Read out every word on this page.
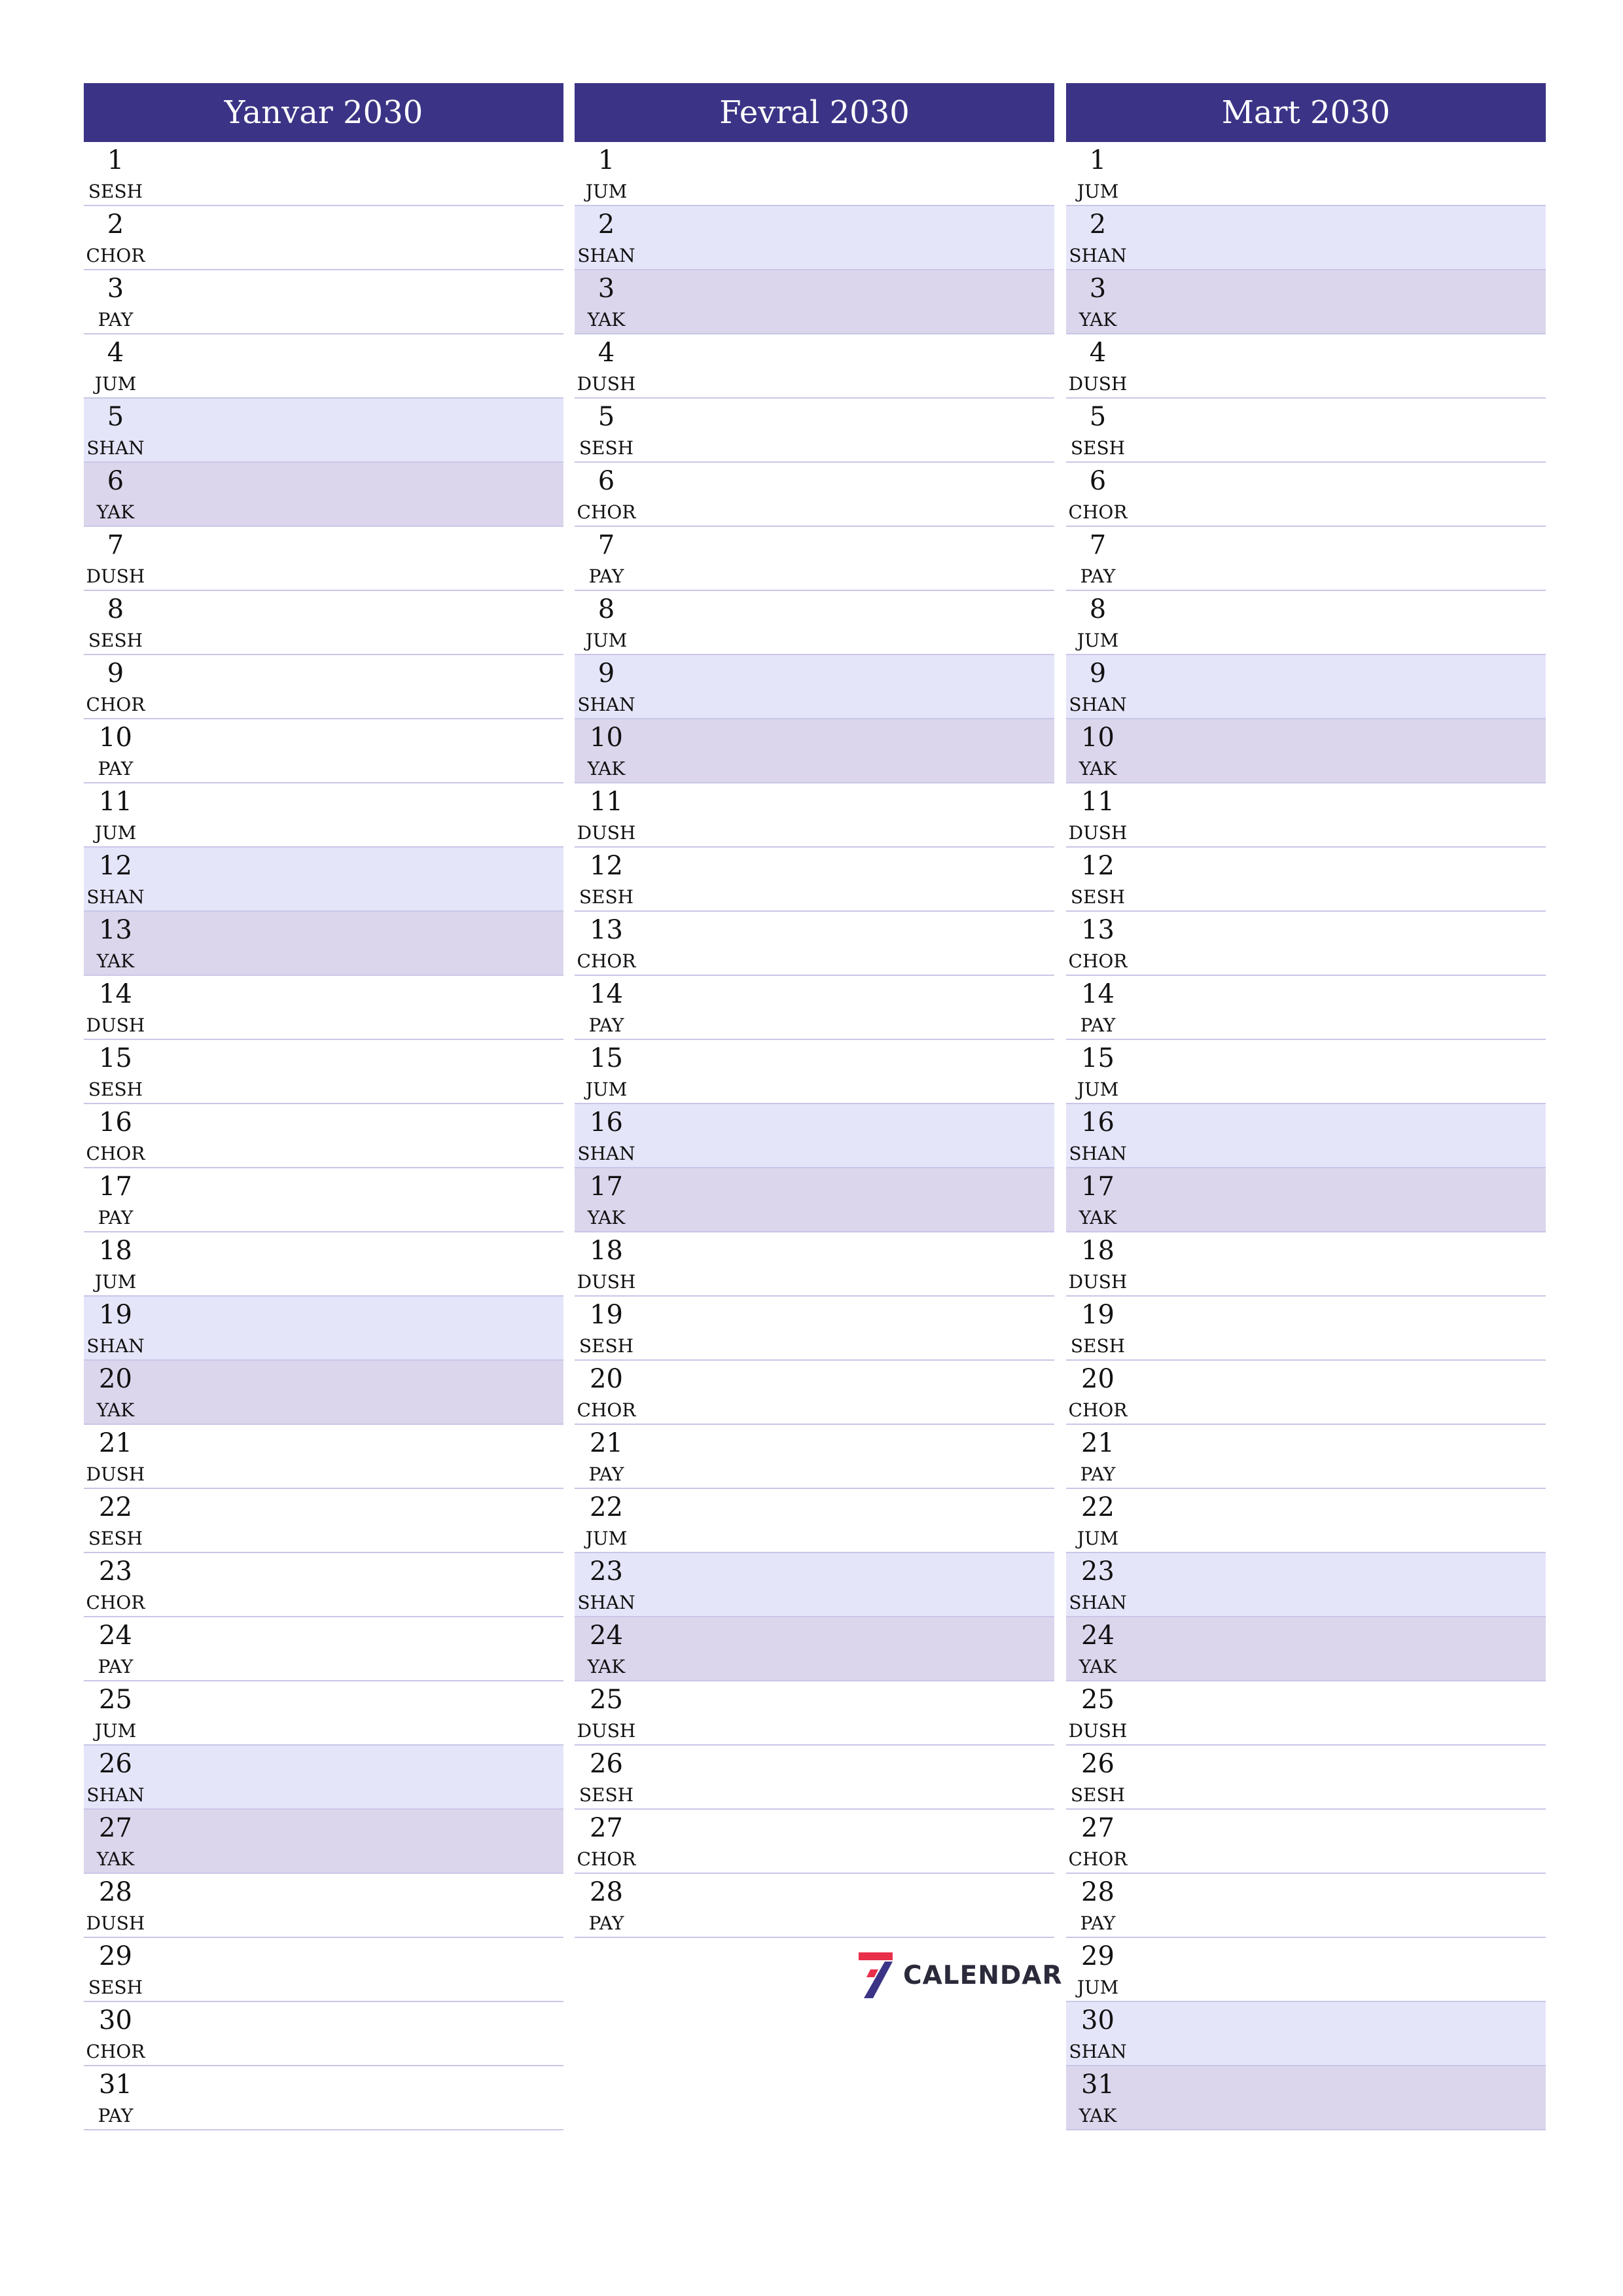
Yanvar 2030
1
SESH
2
CHOR
3
PAY
4
JUM
5
SHAN
6
YAK
7
DUSH
8
SESH
9
CHOR
10
PAY
11
JUM
12
SHAN
13
YAK
14
DUSH
15
SESH
16
CHOR
17
PAY
18
JUM
19
SHAN
20
YAK
21
DUSH
22
SESH
23
CHOR
24
PAY
25
JUM
26
SHAN
27
YAK
28
DUSH
29
SESH
30
CHOR
31
PAY
Fevral 2030
1
JUM
2
SHAN
3
YAK
4
DUSH
5
SESH
6
CHOR
7
PAY
8
JUM
9
SHAN
10
YAK
11
DUSH
12
SESH
13
CHOR
14
PAY
15
JUM
16
SHAN
17
YAK
18
DUSH
19
SESH
20
CHOR
21
PAY
22
JUM
23
SHAN
24
YAK
25
DUSH
26
SESH
27
CHOR
28
PAY
Mart 2030
1
JUM
2
SHAN
3
YAK
4
DUSH
5
SESH
6
CHOR
7
PAY
8
JUM
9
SHAN
10
YAK
11
DUSH
12
SESH
13
CHOR
14
PAY
15
JUM
16
SHAN
17
YAK
18
DUSH
19
SESH
20
CHOR
21
PAY
22
JUM
23
SHAN
24
YAK
25
DUSH
26
SESH
27
CHOR
28
PAY
29
JUM
30
SHAN
31
YAK
CALENDAR
